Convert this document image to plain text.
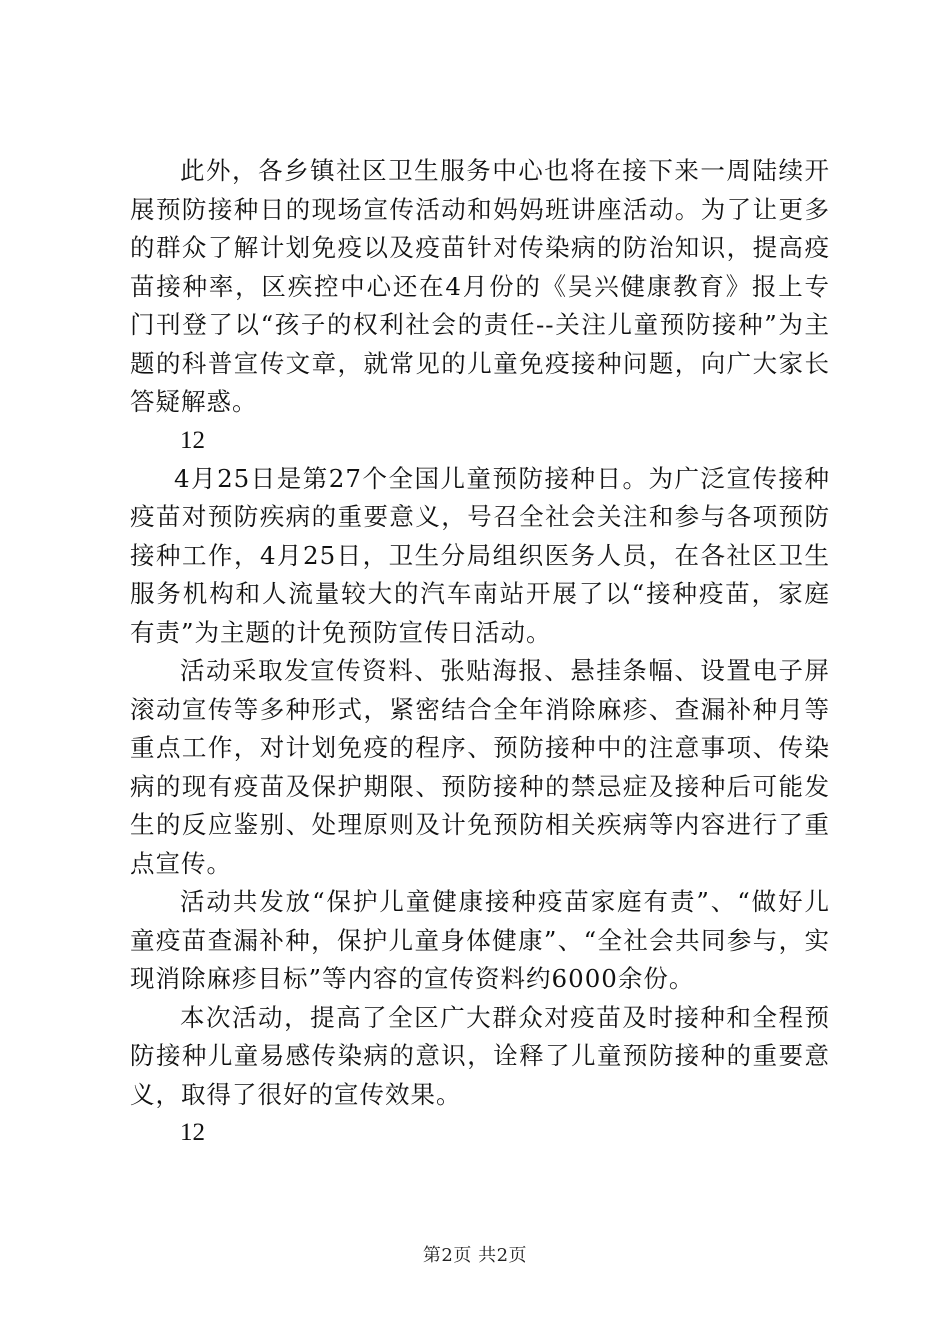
此外，各乡镇社区卫生服务中心也将在接下来一周陆续开展预防接种日的现场宣传活动和妈妈班讲座活动。为了让更多的群众了解计划免疫以及疫苗针对传染病的防治知识，提高疫苗接种率，区疾控中心还在4月份的《吴兴健康教育》报上专门刊登了以“孩子的权利社会的责任--关注儿童预防接种”为主题的科普宣传文章，就常见的儿童免疫接种问题，向广大家长答疑解惑。

12

4月25日是第27个全国儿童预防接种日。为广泛宣传接种疫苗对预防疾病的重要意义，号召全社会关注和参与各项预防接种工作，4月25日，卫生分局组织医务人员，在各社区卫生服务机构和人流量较大的汽车南站开展了以“接种疫苗，家庭有责”为主题的计免预防宣传日活动。

活动采取发宣传资料、张贴海报、悬挂条幅、设置电子屏滚动宣传等多种形式，紧密结合全年消除麻疹、查漏补种月等重点工作，对计划免疫的程序、预防接种中的注意事项、传染病的现有疫苗及保护期限、预防接种的禁忌症及接种后可能发生的反应鉴别、处理原则及计免预防相关疾病等内容进行了重点宣传。

活动共发放“保护儿童健康接种疫苗家庭有责”、“做好儿童疫苗查漏补种，保护儿童身体健康”、“全社会共同参与，实现消除麻疹目标”等内容的宣传资料约6000余份。

本次活动，提高了全区广大群众对疫苗及时接种和全程预防接种儿童易感传染病的意识，诠释了儿童预防接种的重要意义，取得了很好的宣传效果。

12

第2页 共2页
